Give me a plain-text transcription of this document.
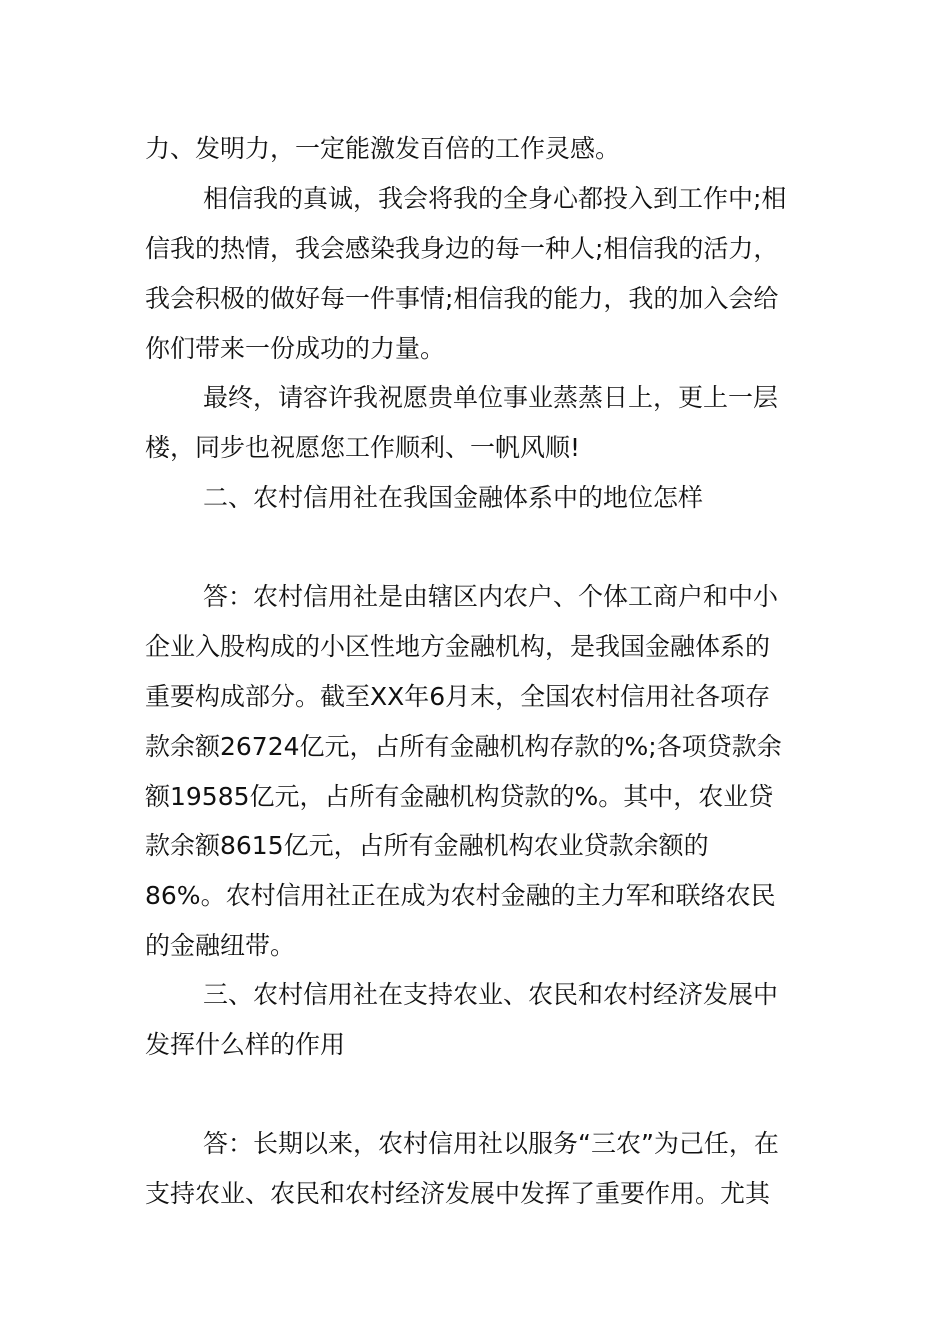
力、发明力，一定能激发百倍的工作灵感。
相信我的真诚，我会将我的全身心都投入到工作中;相
信我的热情，我会感染我身边的每一种人;相信我的活力，
我会积极的做好每一件事情;相信我的能力，我的加入会给
你们带来一份成功的力量。
最终，请容许我祝愿贵单位事业蒸蒸日上，更上一层
楼，同步也祝愿您工作顺利、一帆风顺!
二、农村信用社在我国金融体系中的地位怎样
答：农村信用社是由辖区内农户、个体工商户和中小
企业入股构成的小区性地方金融机构，是我国金融体系的
重要构成部分。截至XX年6月末，全国农村信用社各项存
款余额26724亿元，占所有金融机构存款的%;各项贷款余
额19585亿元，占所有金融机构贷款的%。其中，农业贷
款余额8615亿元，占所有金融机构农业贷款余额的
86%。农村信用社正在成为农村金融的主力军和联络农民
的金融纽带。
三、农村信用社在支持农业、农民和农村经济发展中
发挥什么样的作用
答：长期以来，农村信用社以服务“三农”为己任，在
支持农业、农民和农村经济发展中发挥了重要作用。尤其
